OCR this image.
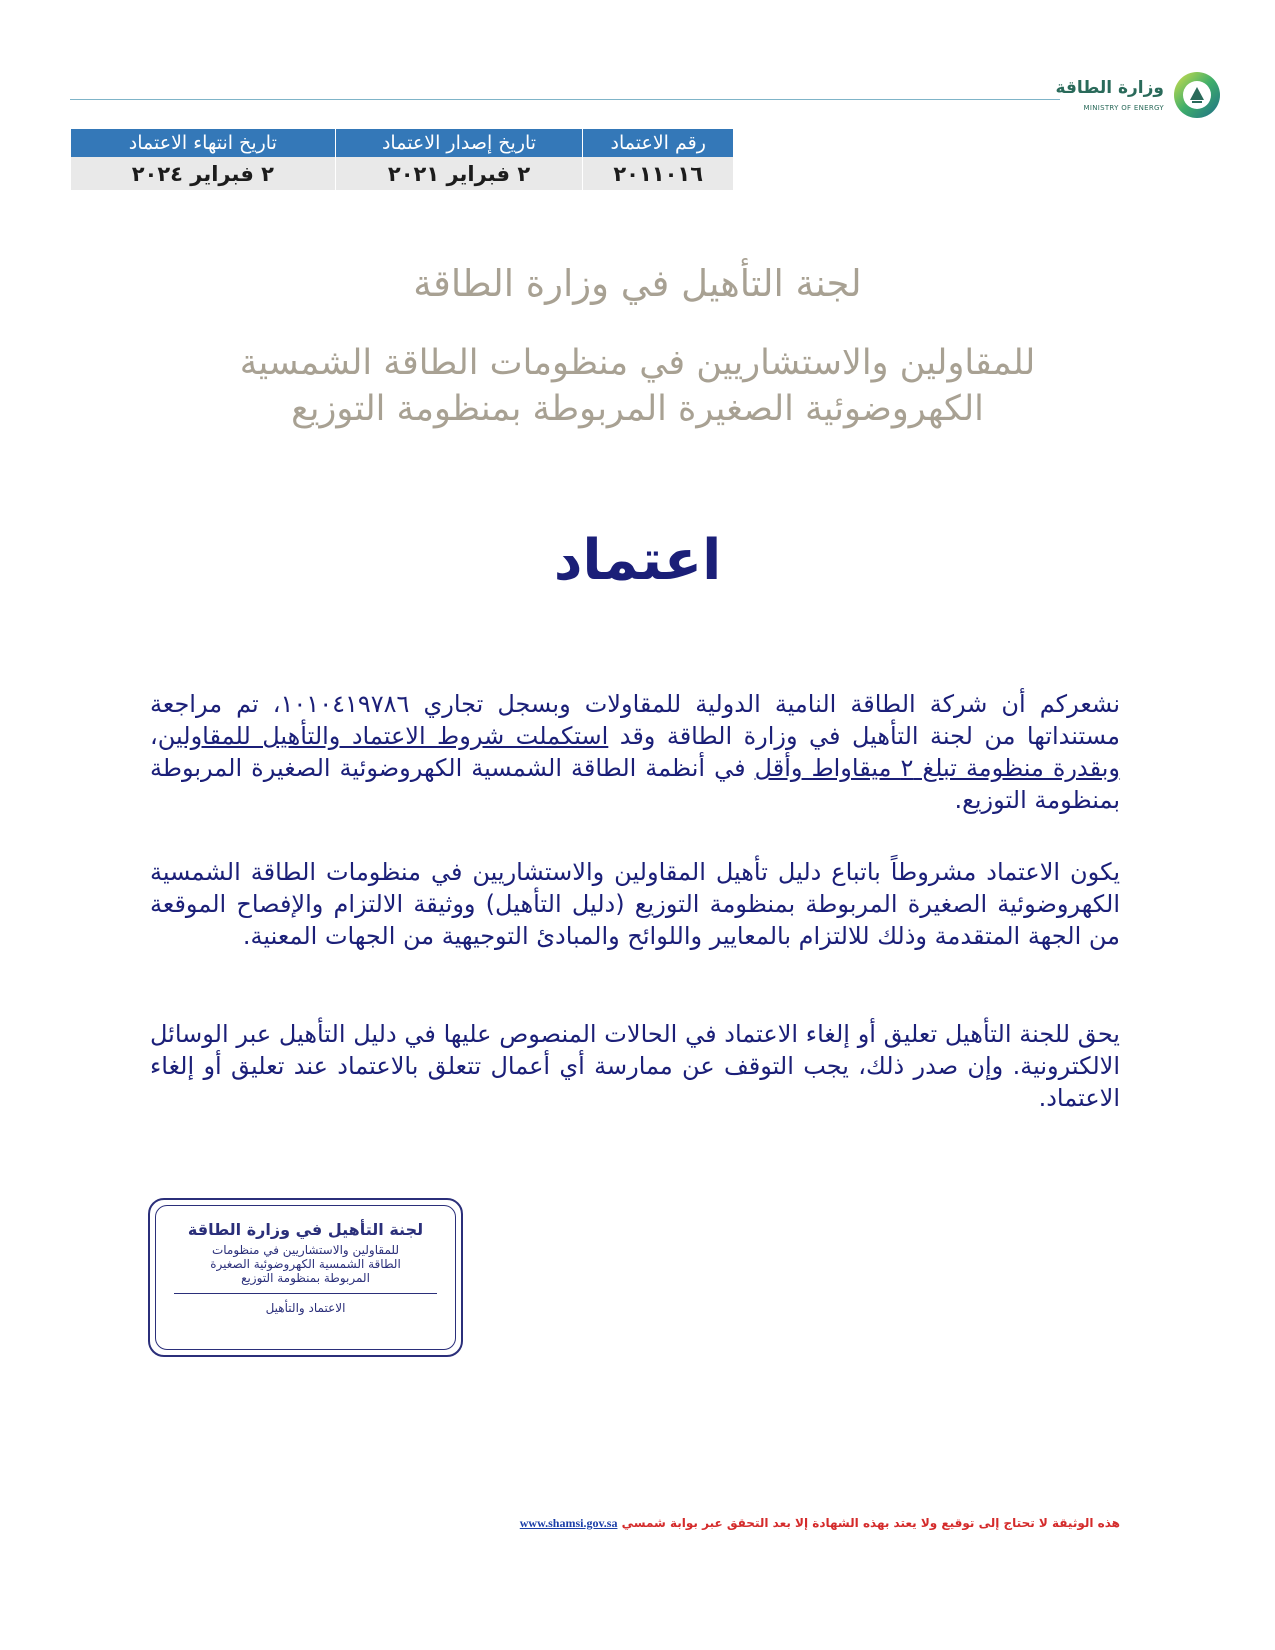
وزارة الطاقة
MINISTRY OF ENERGY
رقم الاعتماد	تاريخ إصدار الاعتماد	تاريخ انتهاء الاعتماد
٢٠١١٠١٦	٢ فبراير ٢٠٢١	٢ فبراير ٢٠٢٤
لجنة التأهيل في وزارة الطاقة
للمقاولين والاستشاريين في منظومات الطاقة الشمسية
الكهروضوئية الصغيرة المربوطة بمنظومة التوزيع
اعتماد
نشعركم أن شركة الطاقة النامية الدولية للمقاولات وبسجل تجاري ١٠١٠٤١٩٧٨٦، تم مراجعة مستنداتها من لجنة التأهيل في وزارة الطاقة وقد استكملت شروط الاعتماد والتأهيل للمقاولين، وبقدرة منظومة تبلغ ٢ ميقاواط وأقل في أنظمة الطاقة الشمسية الكهروضوئية الصغيرة المربوطة بمنظومة التوزيع.
يكون الاعتماد مشروطاً باتباع دليل تأهيل المقاولين والاستشاريين في منظومات الطاقة الشمسية الكهروضوئية الصغيرة المربوطة بمنظومة التوزيع (دليل التأهيل) ووثيقة الالتزام والإفصاح الموقعة من الجهة المتقدمة وذلك للالتزام بالمعايير واللوائح والمبادئ التوجيهية من الجهات المعنية.
يحق للجنة التأهيل تعليق أو إلغاء الاعتماد في الحالات المنصوص عليها في دليل التأهيل عبر الوسائل الالكترونية. وإن صدر ذلك، يجب التوقف عن ممارسة أي أعمال تتعلق بالاعتماد عند تعليق أو إلغاء الاعتماد.
لجنة التأهيل في وزارة الطاقة
للمقاولين والاستشاريين في منظومات
الطاقة الشمسية الكهروضوئية الصغيرة
المربوطة بمنظومة التوزيع
الاعتماد والتأهيل
هذه الوثيقة لا تحتاج إلى توقيع ولا يعتد بهذه الشهادة إلا بعد التحقق عبر بوابة شمسي www.shamsi.gov.sa
